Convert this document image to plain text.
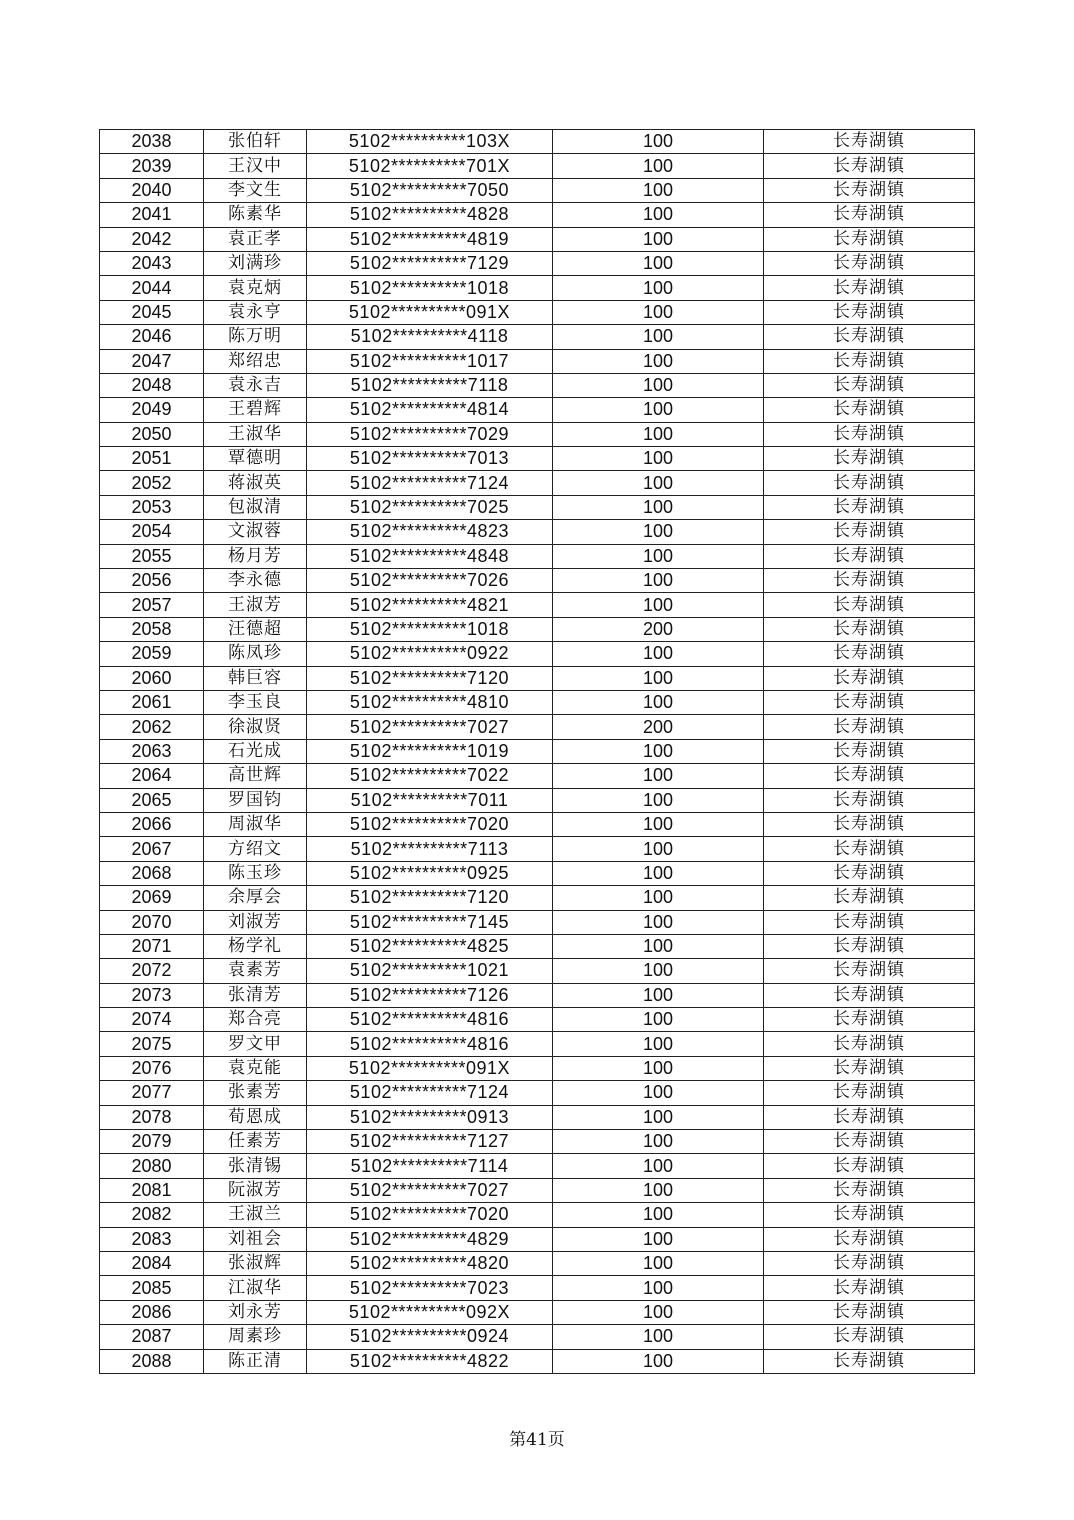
2038	张伯轩	5102**********103X	100	长寿湖镇
2039	王汉中	5102**********701X	100	长寿湖镇
2040	李文生	5102**********7050	100	长寿湖镇
2041	陈素华	5102**********4828	100	长寿湖镇
2042	袁正孝	5102**********4819	100	长寿湖镇
2043	刘满珍	5102**********7129	100	长寿湖镇
2044	袁克炳	5102**********1018	100	长寿湖镇
2045	袁永亨	5102**********091X	100	长寿湖镇
2046	陈万明	5102**********4118	100	长寿湖镇
2047	郑绍忠	5102**********1017	100	长寿湖镇
2048	袁永吉	5102**********7118	100	长寿湖镇
2049	王碧辉	5102**********4814	100	长寿湖镇
2050	王淑华	5102**********7029	100	长寿湖镇
2051	覃德明	5102**********7013	100	长寿湖镇
2052	蒋淑英	5102**********7124	100	长寿湖镇
2053	包淑清	5102**********7025	100	长寿湖镇
2054	文淑蓉	5102**********4823	100	长寿湖镇
2055	杨月芳	5102**********4848	100	长寿湖镇
2056	李永德	5102**********7026	100	长寿湖镇
2057	王淑芳	5102**********4821	100	长寿湖镇
2058	汪德超	5102**********1018	200	长寿湖镇
2059	陈凤珍	5102**********0922	100	长寿湖镇
2060	韩巨容	5102**********7120	100	长寿湖镇
2061	李玉良	5102**********4810	100	长寿湖镇
2062	徐淑贤	5102**********7027	200	长寿湖镇
2063	石光成	5102**********1019	100	长寿湖镇
2064	高世辉	5102**********7022	100	长寿湖镇
2065	罗国钧	5102**********7011	100	长寿湖镇
2066	周淑华	5102**********7020	100	长寿湖镇
2067	方绍文	5102**********7113	100	长寿湖镇
2068	陈玉珍	5102**********0925	100	长寿湖镇
2069	余厚会	5102**********7120	100	长寿湖镇
2070	刘淑芳	5102**********7145	100	长寿湖镇
2071	杨学礼	5102**********4825	100	长寿湖镇
2072	袁素芳	5102**********1021	100	长寿湖镇
2073	张清芳	5102**********7126	100	长寿湖镇
2074	郑合亮	5102**********4816	100	长寿湖镇
2075	罗文甲	5102**********4816	100	长寿湖镇
2076	袁克能	5102**********091X	100	长寿湖镇
2077	张素芳	5102**********7124	100	长寿湖镇
2078	荀恩成	5102**********0913	100	长寿湖镇
2079	任素芳	5102**********7127	100	长寿湖镇
2080	张清锡	5102**********7114	100	长寿湖镇
2081	阮淑芳	5102**********7027	100	长寿湖镇
2082	王淑兰	5102**********7020	100	长寿湖镇
2083	刘祖会	5102**********4829	100	长寿湖镇
2084	张淑辉	5102**********4820	100	长寿湖镇
2085	江淑华	5102**********7023	100	长寿湖镇
2086	刘永芳	5102**********092X	100	长寿湖镇
2087	周素珍	5102**********0924	100	长寿湖镇
2088	陈正清	5102**********4822	100	长寿湖镇
第41页
